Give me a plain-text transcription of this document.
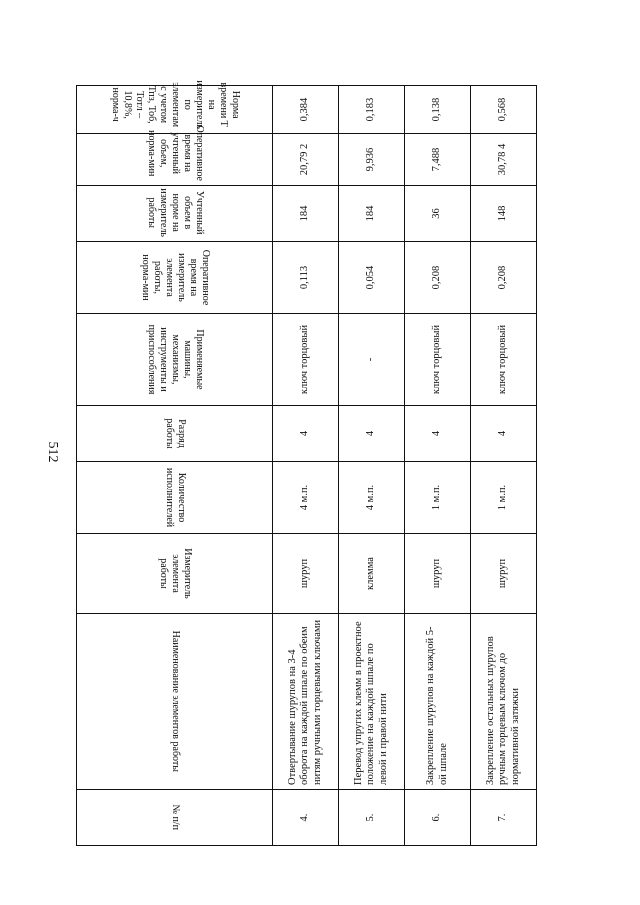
512
№ п/п	Наименование элементов работы	Измеритель элемента работы	Количество исполнителей	Разряд работы	Применяемые машины, механизмы, инструменты и приспособления	Оперативное время на измеритель элемента работы, норма-мин	Учтенный объем в норме на измеритель работы	Оперативное время на учтенный объем, норма-мин	Норма времени Т на измеритель по элементам с учетом Тпз, Тоб, Тотл – 10,8%, норма-ч
4.	Отвертывание шурупов на 3-4 оборота на каждой шпале по обеим нитям ручными торцевыми ключами	шуруп	4 м.п.	4	ключ торцовый	0,113	184	20,79 2	0,384
5.	Перевод упругих клемм в проектное положение на каждой шпале по левой и правой нити	клемма	4 м.п.	4	-	0,054	184	9,936	0,183
6.	Закрепление шурупов на каждой 5-ой шпале	шуруп	1 м.п.	4	ключ торцовый	0,208	36	7,488	0,138
7.	Закрепление остальных шурупов ручным торцевым ключом до нормативной затяжки	шуруп	1 м.п.	4	ключ торцовый	0,208	148	30,78 4	0,568
